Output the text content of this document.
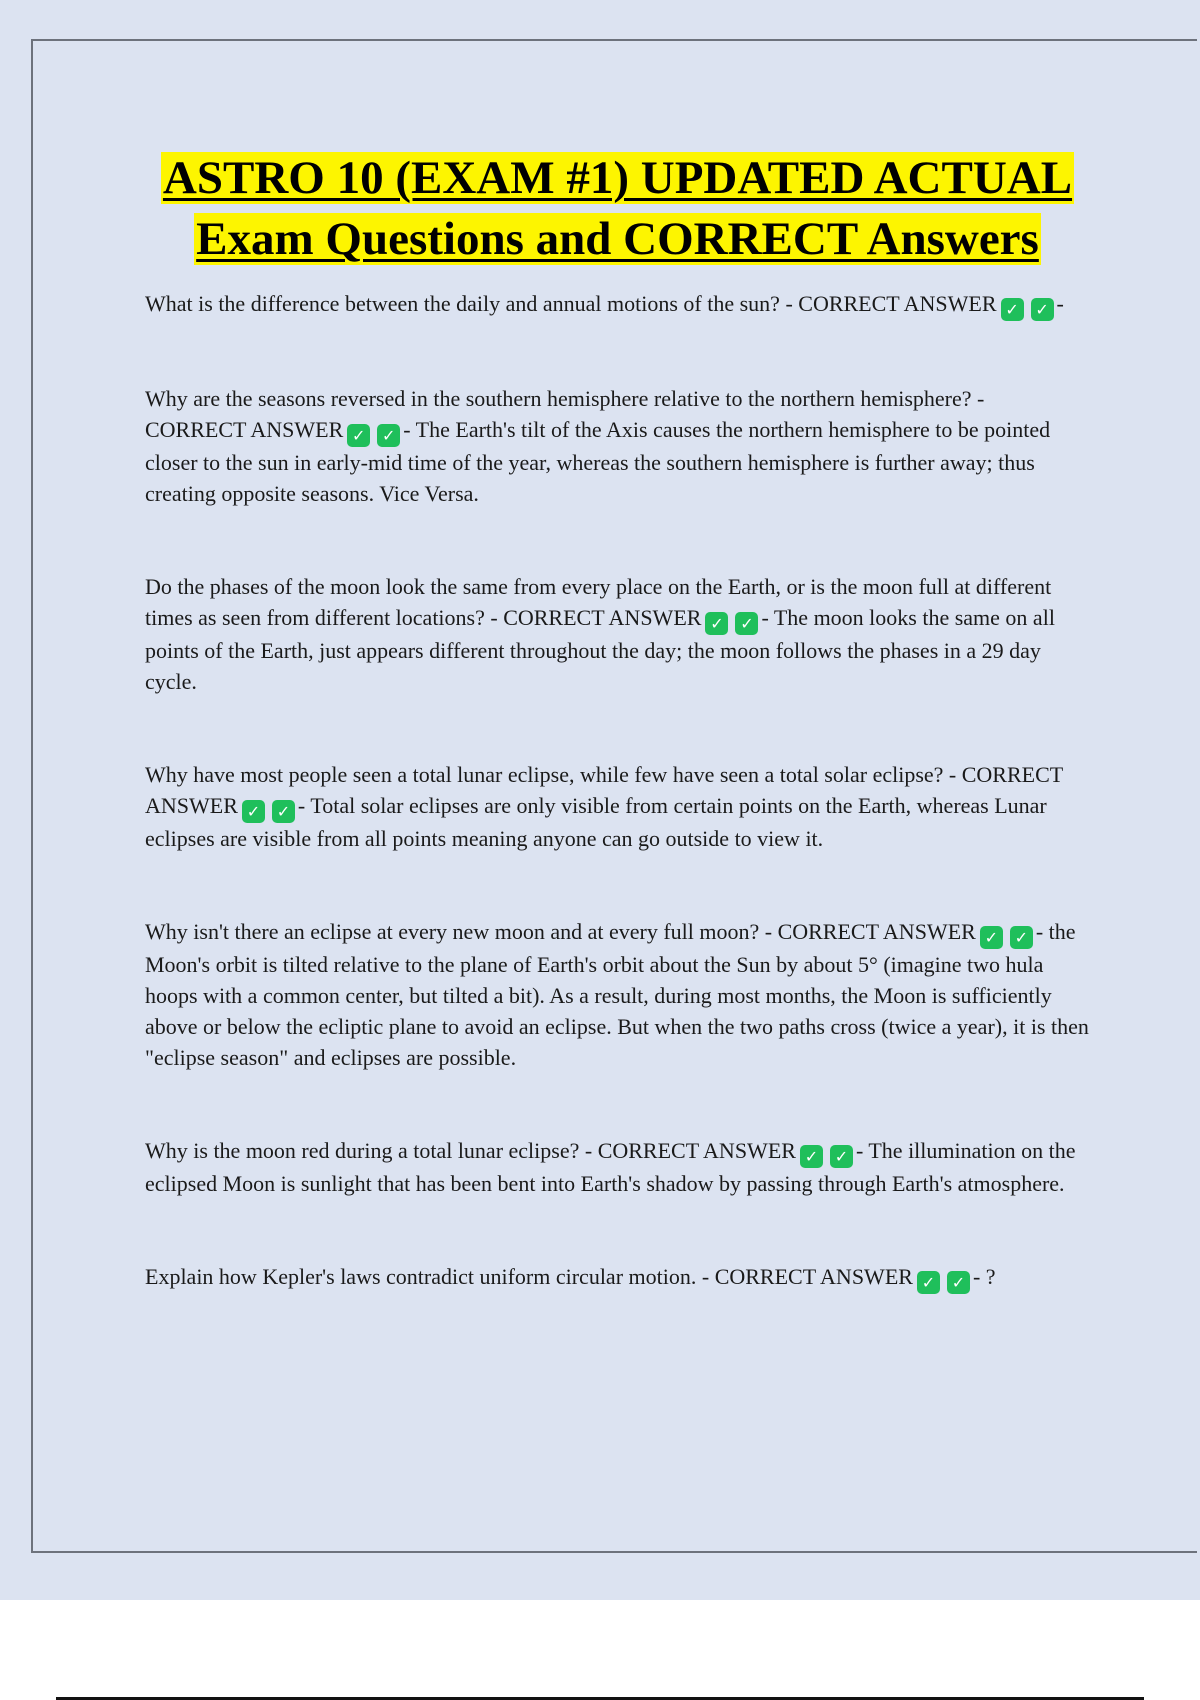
ASTRO 10 (EXAM #1) UPDATED ACTUAL
Exam Questions and CORRECT Answers

What is the difference between the daily and annual motions of the sun? - CORRECT ANSWER ✓ ✓ -

Why are the seasons reversed in the southern hemisphere relative to the northern hemisphere? - CORRECT ANSWER ✓ ✓ - The Earth's tilt of the Axis causes the northern hemisphere to be pointed closer to the sun in early-mid time of the year, whereas the southern hemisphere is further away; thus creating opposite seasons. Vice Versa.

Do the phases of the moon look the same from every place on the Earth, or is the moon full at different times as seen from different locations? - CORRECT ANSWER ✓ ✓ - The moon looks the same on all points of the Earth, just appears different throughout the day; the moon follows the phases in a 29 day cycle.

Why have most people seen a total lunar eclipse, while few have seen a total solar eclipse? - CORRECT ANSWER ✓ ✓ - Total solar eclipses are only visible from certain points on the Earth, whereas Lunar eclipses are visible from all points meaning anyone can go outside to view it.

Why isn't there an eclipse at every new moon and at every full moon? - CORRECT ANSWER ✓ ✓ - the Moon's orbit is tilted relative to the plane of Earth's orbit about the Sun by about 5° (imagine two hula hoops with a common center, but tilted a bit). As a result, during most months, the Moon is sufficiently above or below the ecliptic plane to avoid an eclipse. But when the two paths cross (twice a year), it is then "eclipse season" and eclipses are possible.

Why is the moon red during a total lunar eclipse? - CORRECT ANSWER ✓ ✓ - The illumination on the eclipsed Moon is sunlight that has been bent into Earth's shadow by passing through Earth's atmosphere.

Explain how Kepler's laws contradict uniform circular motion. - CORRECT ANSWER ✓ ✓ - ?
